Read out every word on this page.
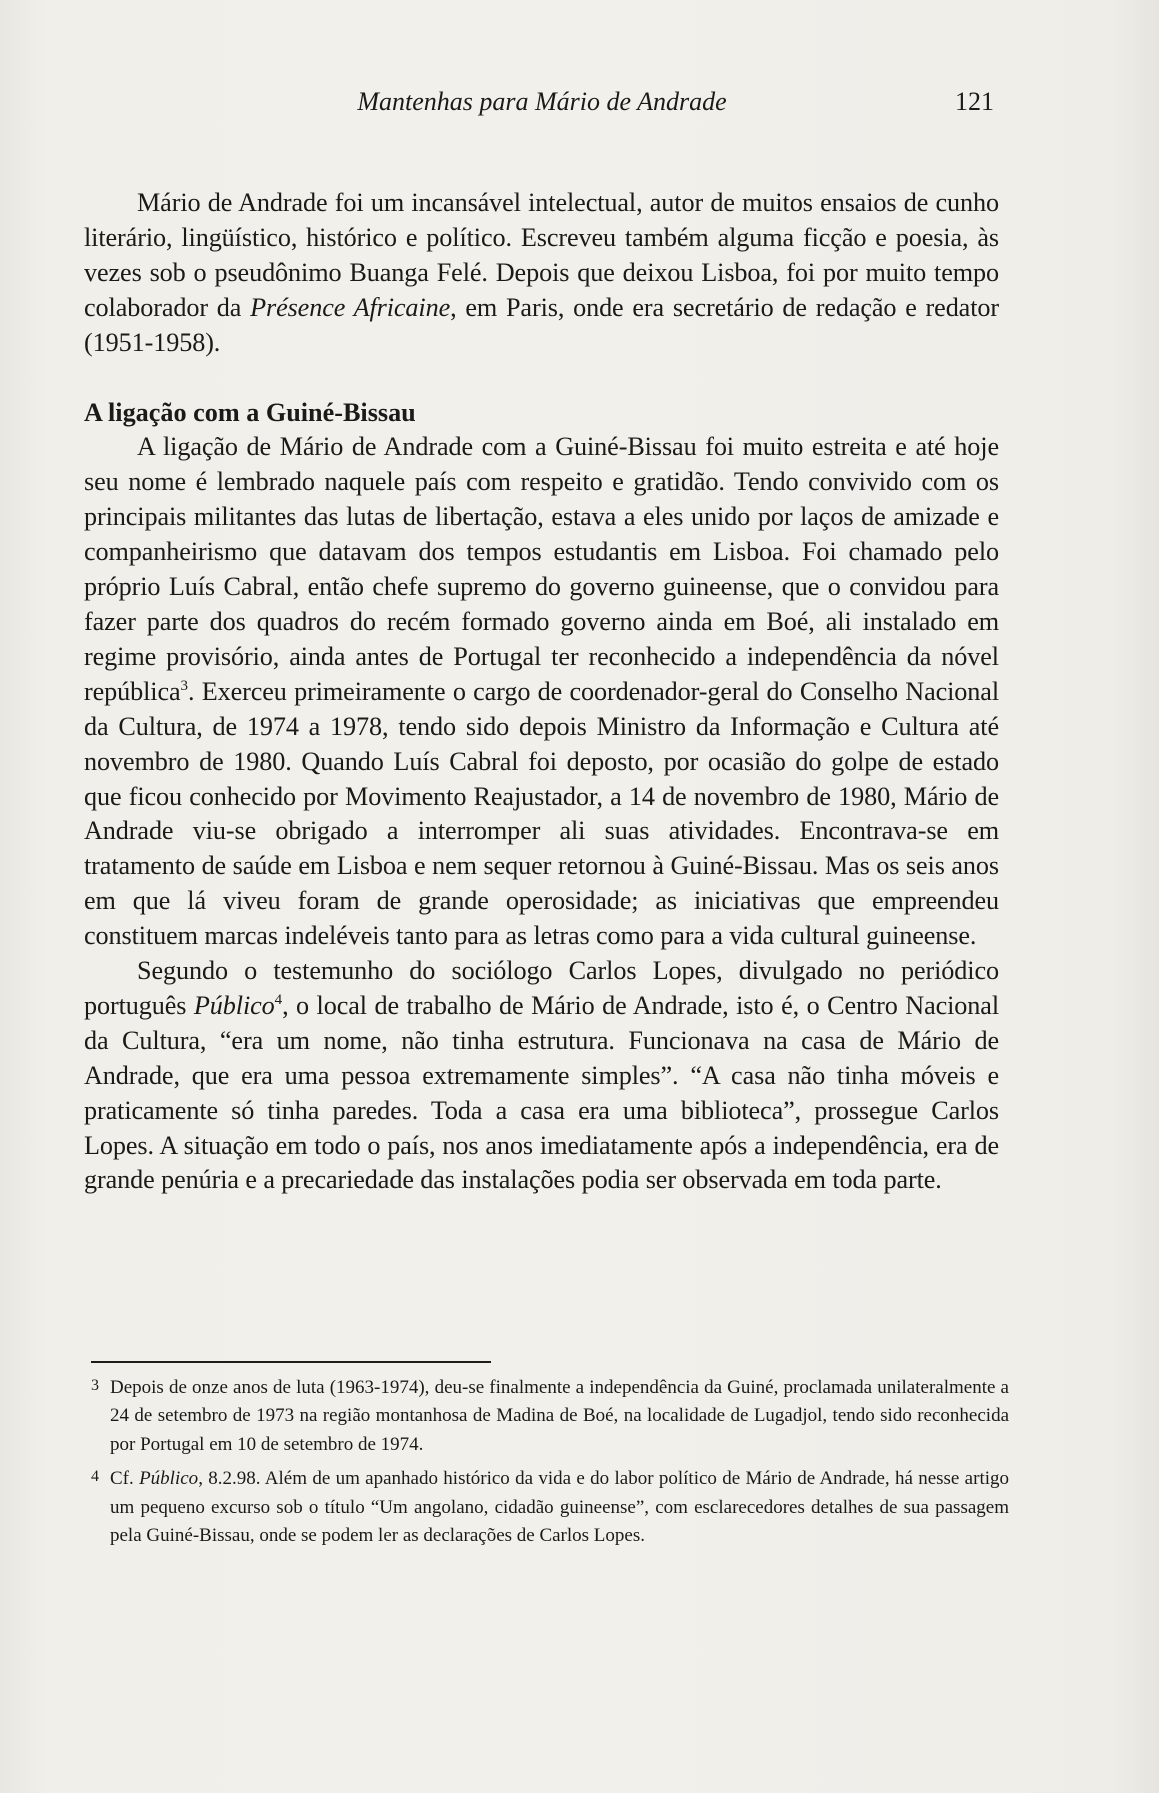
Mantenhas para Mário de Andrade	121

Mário de Andrade foi um incansável intelectual, autor de muitos ensaios de cunho literário, lingüístico, histórico e político. Escreveu também alguma ficção e poesia, às vezes sob o pseudônimo Buanga Felé. Depois que deixou Lisboa, foi por muito tempo colaborador da Présence Africaine, em Paris, onde era secretário de redação e redator (1951-1958).

A ligação com a Guiné-Bissau

A ligação de Mário de Andrade com a Guiné-Bissau foi muito estreita e até hoje seu nome é lembrado naquele país com respeito e gratidão. Tendo convivido com os principais militantes das lutas de libertação, estava a eles unido por laços de amizade e companheirismo que datavam dos tempos estudantis em Lisboa. Foi chamado pelo próprio Luís Cabral, então chefe supremo do governo guineense, que o convidou para fazer parte dos quadros do recém formado governo ainda em Boé, ali instalado em regime provisório, ainda antes de Portugal ter reconhecido a independência da nóvel república$^3$. Exerceu primeiramente o cargo de coordenador-geral do Conselho Nacional da Cultura, de 1974 a 1978, tendo sido depois Ministro da Informação e Cultura até novembro de 1980. Quando Luís Cabral foi deposto, por ocasião do golpe de estado que ficou conhecido por Movimento Reajustador, a 14 de novembro de 1980, Mário de Andrade viu-se obrigado a interromper ali suas atividades. Encontrava-se em tratamento de saúde em Lisboa e nem sequer retornou à Guiné-Bissau. Mas os seis anos em que lá viveu foram de grande operosidade; as iniciativas que empreendeu constituem marcas indeléveis tanto para as letras como para a vida cultural guineense.

Segundo o testemunho do sociólogo Carlos Lopes, divulgado no periódico português Público$^4$, o local de trabalho de Mário de Andrade, isto é, o Centro Nacional da Cultura, “era um nome, não tinha estrutura. Funcionava na casa de Mário de Andrade, que era uma pessoa extremamente simples”. “A casa não tinha móveis e praticamente só tinha paredes. Toda a casa era uma biblioteca”, prossegue Carlos Lopes. A situação em todo o país, nos anos imediatamente após a independência, era de grande penúria e a precariedade das instalações podia ser observada em toda parte.

3 Depois de onze anos de luta (1963-1974), deu-se finalmente a independência da Guiné, proclamada unilateralmente a 24 de setembro de 1973 na região montanhosa de Madina de Boé, na localidade de Lugadjol, tendo sido reconhecida por Portugal em 10 de setembro de 1974.

4 Cf. Público, 8.2.98. Além de um apanhado histórico da vida e do labor político de Mário de Andrade, há nesse artigo um pequeno excurso sob o título “Um angolano, cidadão guineense”, com esclarecedores detalhes de sua passagem pela Guiné-Bissau, onde se podem ler as declarações de Carlos Lopes.
